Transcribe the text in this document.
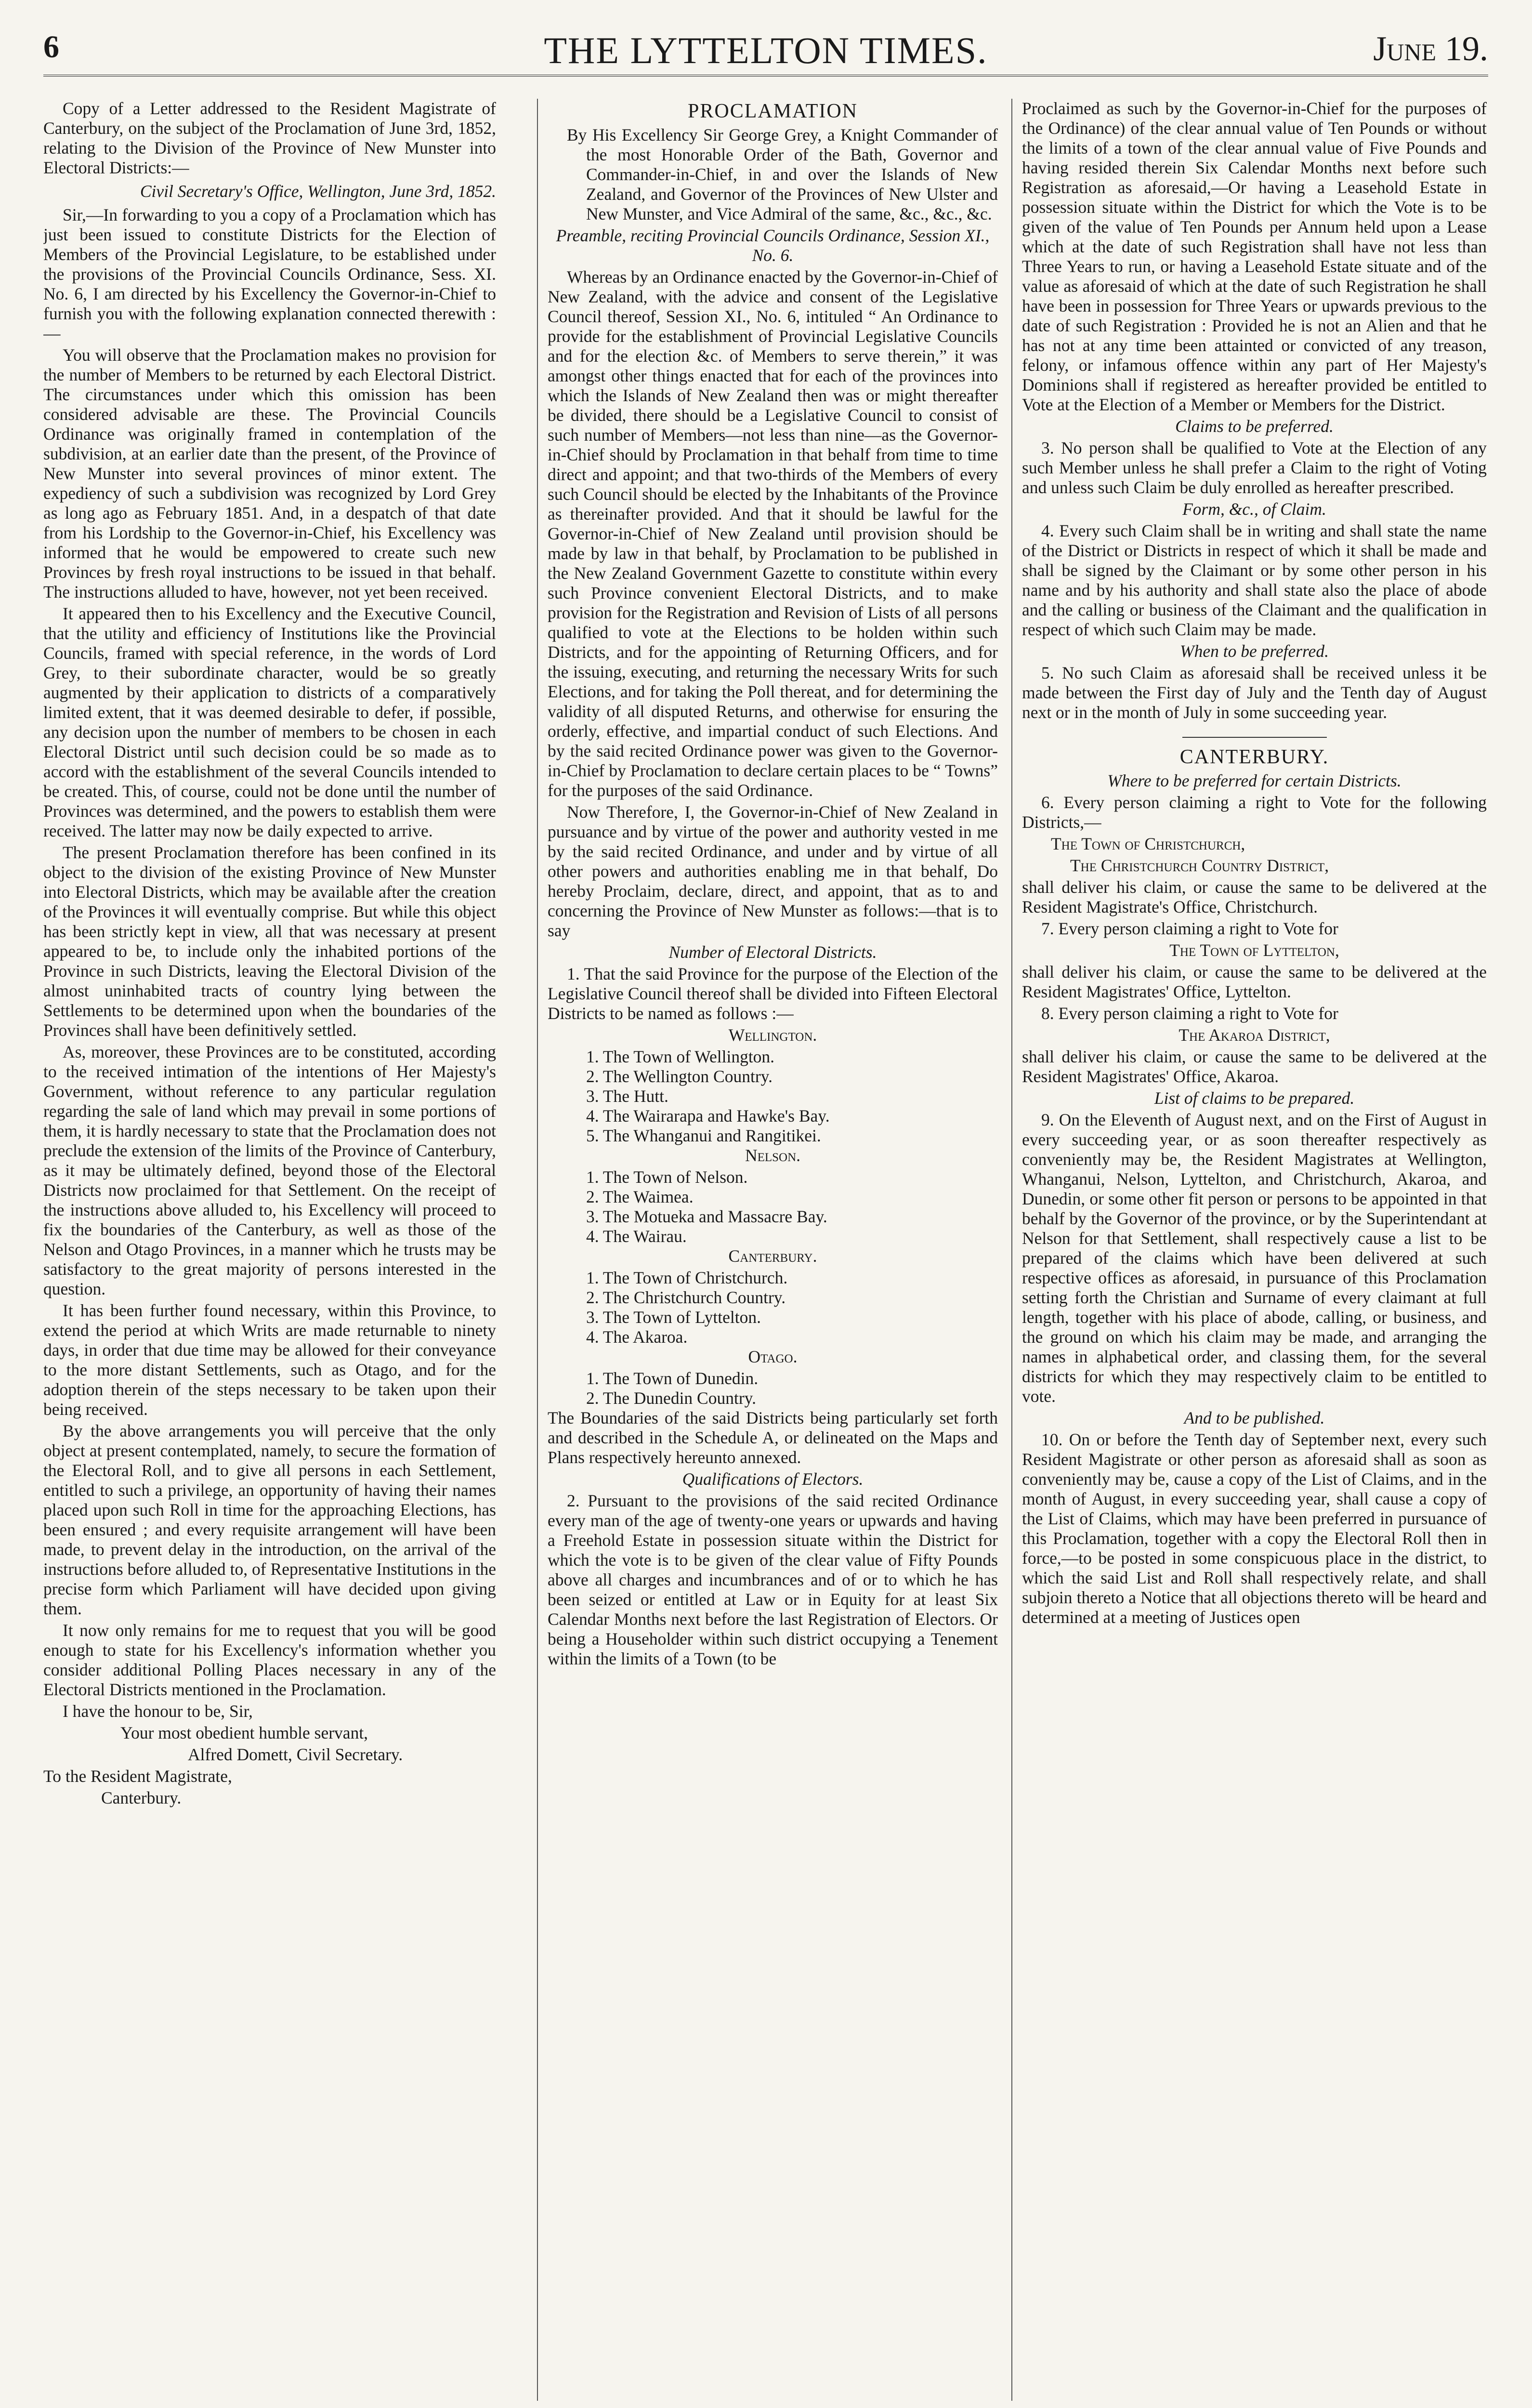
6	THE LYTTELTON TIMES.	June 19.

Copy of a Letter addressed to the Resident Magistrate of Canterbury, on the subject of the Proclamation of June 3rd, 1852, relating to the Division of the Province of New Munster into Electoral Districts:—

Civil Secretary's Office, Wellington, June 3rd, 1852.

Sir,—In forwarding to you a copy of a Proclamation which has just been issued to constitute Districts for the Election of Members of the Provincial Legislature, to be established under the provisions of the Provincial Councils Ordinance, Sess. XI. No. 6, I am directed by his Excellency the Governor-in-Chief to furnish you with the following explanation connected therewith :—

You will observe that the Proclamation makes no provision for the number of Members to be returned by each Electoral District. The circumstances under which this omission has been considered advisable are these. The Provincial Councils Ordinance was originally framed in contemplation of the subdivision, at an earlier date than the present, of the Province of New Munster into several provinces of minor extent. The expediency of such a subdivision was recognized by Lord Grey as long ago as February 1851. And, in a despatch of that date from his Lordship to the Governor-in-Chief, his Excellency was informed that he would be empowered to create such new Provinces by fresh royal instructions to be issued in that behalf. The instructions alluded to have, however, not yet been received.

It appeared then to his Excellency and the Executive Council, that the utility and efficiency of Institutions like the Provincial Councils, framed with special reference, in the words of Lord Grey, to their subordinate character, would be so greatly augmented by their application to districts of a comparatively limited extent, that it was deemed desirable to defer, if possible, any decision upon the number of members to be chosen in each Electoral District until such decision could be so made as to accord with the establishment of the several Councils intended to be created. This, of course, could not be done until the number of Provinces was determined, and the powers to establish them were received. The latter may now be daily expected to arrive.

The present Proclamation therefore has been confined in its object to the division of the existing Province of New Munster into Electoral Districts, which may be available after the creation of the Provinces it will eventually comprise. But while this object has been strictly kept in view, all that was necessary at present appeared to be, to include only the inhabited portions of the Province in such Districts, leaving the Electoral Division of the almost uninhabited tracts of country lying between the Settlements to be determined upon when the boundaries of the Provinces shall have been definitively settled.

As, moreover, these Provinces are to be constituted, according to the received intimation of the intentions of Her Majesty's Government, without reference to any particular regulation regarding the sale of land which may prevail in some portions of them, it is hardly necessary to state that the Proclamation does not preclude the extension of the limits of the Province of Canterbury, as it may be ultimately defined, beyond those of the Electoral Districts now proclaimed for that Settlement. On the receipt of the instructions above alluded to, his Excellency will proceed to fix the boundaries of the Canterbury, as well as those of the Nelson and Otago Provinces, in a manner which he trusts may be satisfactory to the great majority of persons interested in the question.

It has been further found necessary, within this Province, to extend the period at which Writs are made returnable to ninety days, in order that due time may be allowed for their conveyance to the more distant Settlements, such as Otago, and for the adoption therein of the steps necessary to be taken upon their being received.

By the above arrangements you will perceive that the only object at present contemplated, namely, to secure the formation of the Electoral Roll, and to give all persons in each Settlement, entitled to such a privilege, an opportunity of having their names placed upon such Roll in time for the approaching Elections, has been ensured ; and every requisite arrangement will have been made, to prevent delay in the introduction, on the arrival of the instructions before alluded to, of Representative Institutions in the precise form which Parliament will have decided upon giving them.

It now only remains for me to request that you will be good enough to state for his Excellency's information whether you consider additional Polling Places necessary in any of the Electoral Districts mentioned in the Proclamation.

I have the honour to be, Sir,

Your most obedient humble servant,

Alfred Domett, Civil Secretary.

To the Resident Magistrate,

Canterbury.

PROCLAMATION

By His Excellency Sir George Grey, a Knight Commander of the most Honorable Order of the Bath, Governor and Commander-in-Chief, in and over the Islands of New Zealand, and Governor of the Provinces of New Ulster and New Munster, and Vice Admiral of the same, &c., &c., &c.

Preamble, reciting Provincial Councils Ordinance, Session XI., No. 6.

Whereas by an Ordinance enacted by the Governor-in-Chief of New Zealand, with the advice and consent of the Legislative Council thereof, Session XI., No. 6, intituled “ An Ordinance to provide for the establishment of Provincial Legislative Councils and for the election &c. of Members to serve therein,” it was amongst other things enacted that for each of the provinces into which the Islands of New Zealand then was or might thereafter be divided, there should be a Legislative Council to consist of such number of Members—not less than nine—as the Governor-in-Chief should by Proclamation in that behalf from time to time direct and appoint; and that two-thirds of the Members of every such Council should be elected by the Inhabitants of the Province as thereinafter provided. And that it should be lawful for the Governor-in-Chief of New Zealand until provision should be made by law in that behalf, by Proclamation to be published in the New Zealand Government Gazette to constitute within every such Province convenient Electoral Districts, and to make provision for the Registration and Revision of Lists of all persons qualified to vote at the Elections to be holden within such Districts, and for the appointing of Returning Officers, and for the issuing, executing, and returning the necessary Writs for such Elections, and for taking the Poll thereat, and for determining the validity of all disputed Returns, and otherwise for ensuring the orderly, effective, and impartial conduct of such Elections. And by the said recited Ordinance power was given to the Governor-in-Chief by Proclamation to declare certain places to be “ Towns” for the purposes of the said Ordinance.

Now Therefore, I, the Governor-in-Chief of New Zealand in pursuance and by virtue of the power and authority vested in me by the said recited Ordinance, and under and by virtue of all other powers and authorities enabling me in that behalf, Do hereby Proclaim, declare, direct, and appoint, that as to and concerning the Province of New Munster as follows:—that is to say

Number of Electoral Districts.

1. That the said Province for the purpose of the Election of the Legislative Council thereof shall be divided into Fifteen Electoral Districts to be named as follows :—

Wellington.

1. The Town of Wellington.

2. The Wellington Country.

3. The Hutt.

4. The Wairarapa and Hawke's Bay.

5. The Whanganui and Rangitikei.

Nelson.

1. The Town of Nelson.

2. The Waimea.

3. The Motueka and Massacre Bay.

4. The Wairau.

Canterbury.

1. The Town of Christchurch.

2. The Christchurch Country.

3. The Town of Lyttelton.

4. The Akaroa.

Otago.

1. The Town of Dunedin.

2. The Dunedin Country.

The Boundaries of the said Districts being particularly set forth and described in the Schedule A, or delineated on the Maps and Plans respectively hereunto annexed.

Qualifications of Electors.

2. Pursuant to the provisions of the said recited Ordinance every man of the age of twenty-one years or upwards and having a Freehold Estate in possession situate within the District for which the vote is to be given of the clear value of Fifty Pounds above all charges and incumbrances and of or to which he has been seized or entitled at Law or in Equity for at least Six Calendar Months next before the last Registration of Electors. Or being a Householder within such district occupying a Tenement within the limits of a Town (to be

Proclaimed as such by the Governor-in-Chief for the purposes of the Ordinance) of the clear annual value of Ten Pounds or without the limits of a town of the clear annual value of Five Pounds and having resided therein Six Calendar Months next before such Registration as aforesaid,—Or having a Leasehold Estate in possession situate within the District for which the Vote is to be given of the value of Ten Pounds per Annum held upon a Lease which at the date of such Registration shall have not less than Three Years to run, or having a Leasehold Estate situate and of the value as aforesaid of which at the date of such Registration he shall have been in possession for Three Years or upwards previous to the date of such Registration : Provided he is not an Alien and that he has not at any time been attainted or convicted of any treason, felony, or infamous offence within any part of Her Majesty's Dominions shall if registered as hereafter provided be entitled to Vote at the Election of a Member or Members for the District.

Claims to be preferred.

3. No person shall be qualified to Vote at the Election of any such Member unless he shall prefer a Claim to the right of Voting and unless such Claim be duly enrolled as hereafter prescribed.

Form, &c., of Claim.

4. Every such Claim shall be in writing and shall state the name of the District or Districts in respect of which it shall be made and shall be signed by the Claimant or by some other person in his name and by his authority and shall state also the place of abode and the calling or business of the Claimant and the qualification in respect of which such Claim may be made.

When to be preferred.

5. No such Claim as aforesaid shall be received unless it be made between the First day of July and the Tenth day of August next or in the month of July in some succeeding year.

CANTERBURY.

Where to be preferred for certain Districts.

6. Every person claiming a right to Vote for the following Districts,—

The Town of Christchurch,

The Christchurch Country District,

shall deliver his claim, or cause the same to be delivered at the Resident Magistrate's Office, Christchurch.

7. Every person claiming a right to Vote for

The Town of Lyttelton,

shall deliver his claim, or cause the same to be delivered at the Resident Magistrates' Office, Lyttelton.

8. Every person claiming a right to Vote for

The Akaroa District,

shall deliver his claim, or cause the same to be delivered at the Resident Magistrates' Office, Akaroa.

List of claims to be prepared.

9. On the Eleventh of August next, and on the First of August in every succeeding year, or as soon thereafter respectively as conveniently may be, the Resident Magistrates at Wellington, Whanganui, Nelson, Lyttelton, and Christchurch, Akaroa, and Dunedin, or some other fit person or persons to be appointed in that behalf by the Governor of the province, or by the Superintendant at Nelson for that Settlement, shall respectively cause a list to be prepared of the claims which have been delivered at such respective offices as aforesaid, in pursuance of this Proclamation setting forth the Christian and Surname of every claimant at full length, together with his place of abode, calling, or business, and the ground on which his claim may be made, and arranging the names in alphabetical order, and classing them, for the several districts for which they may respectively claim to be entitled to vote.

And to be published.

10. On or before the Tenth day of September next, every such Resident Magistrate or other person as aforesaid shall as soon as conveniently may be, cause a copy of the List of Claims, and in the month of August, in every succeeding year, shall cause a copy of the List of Claims, which may have been preferred in pursuance of this Proclamation, together with a copy the Electoral Roll then in force,—to be posted in some conspicuous place in the district, to which the said List and Roll shall respectively relate, and shall subjoin thereto a Notice that all objections thereto will be heard and determined at a meeting of Justices open
